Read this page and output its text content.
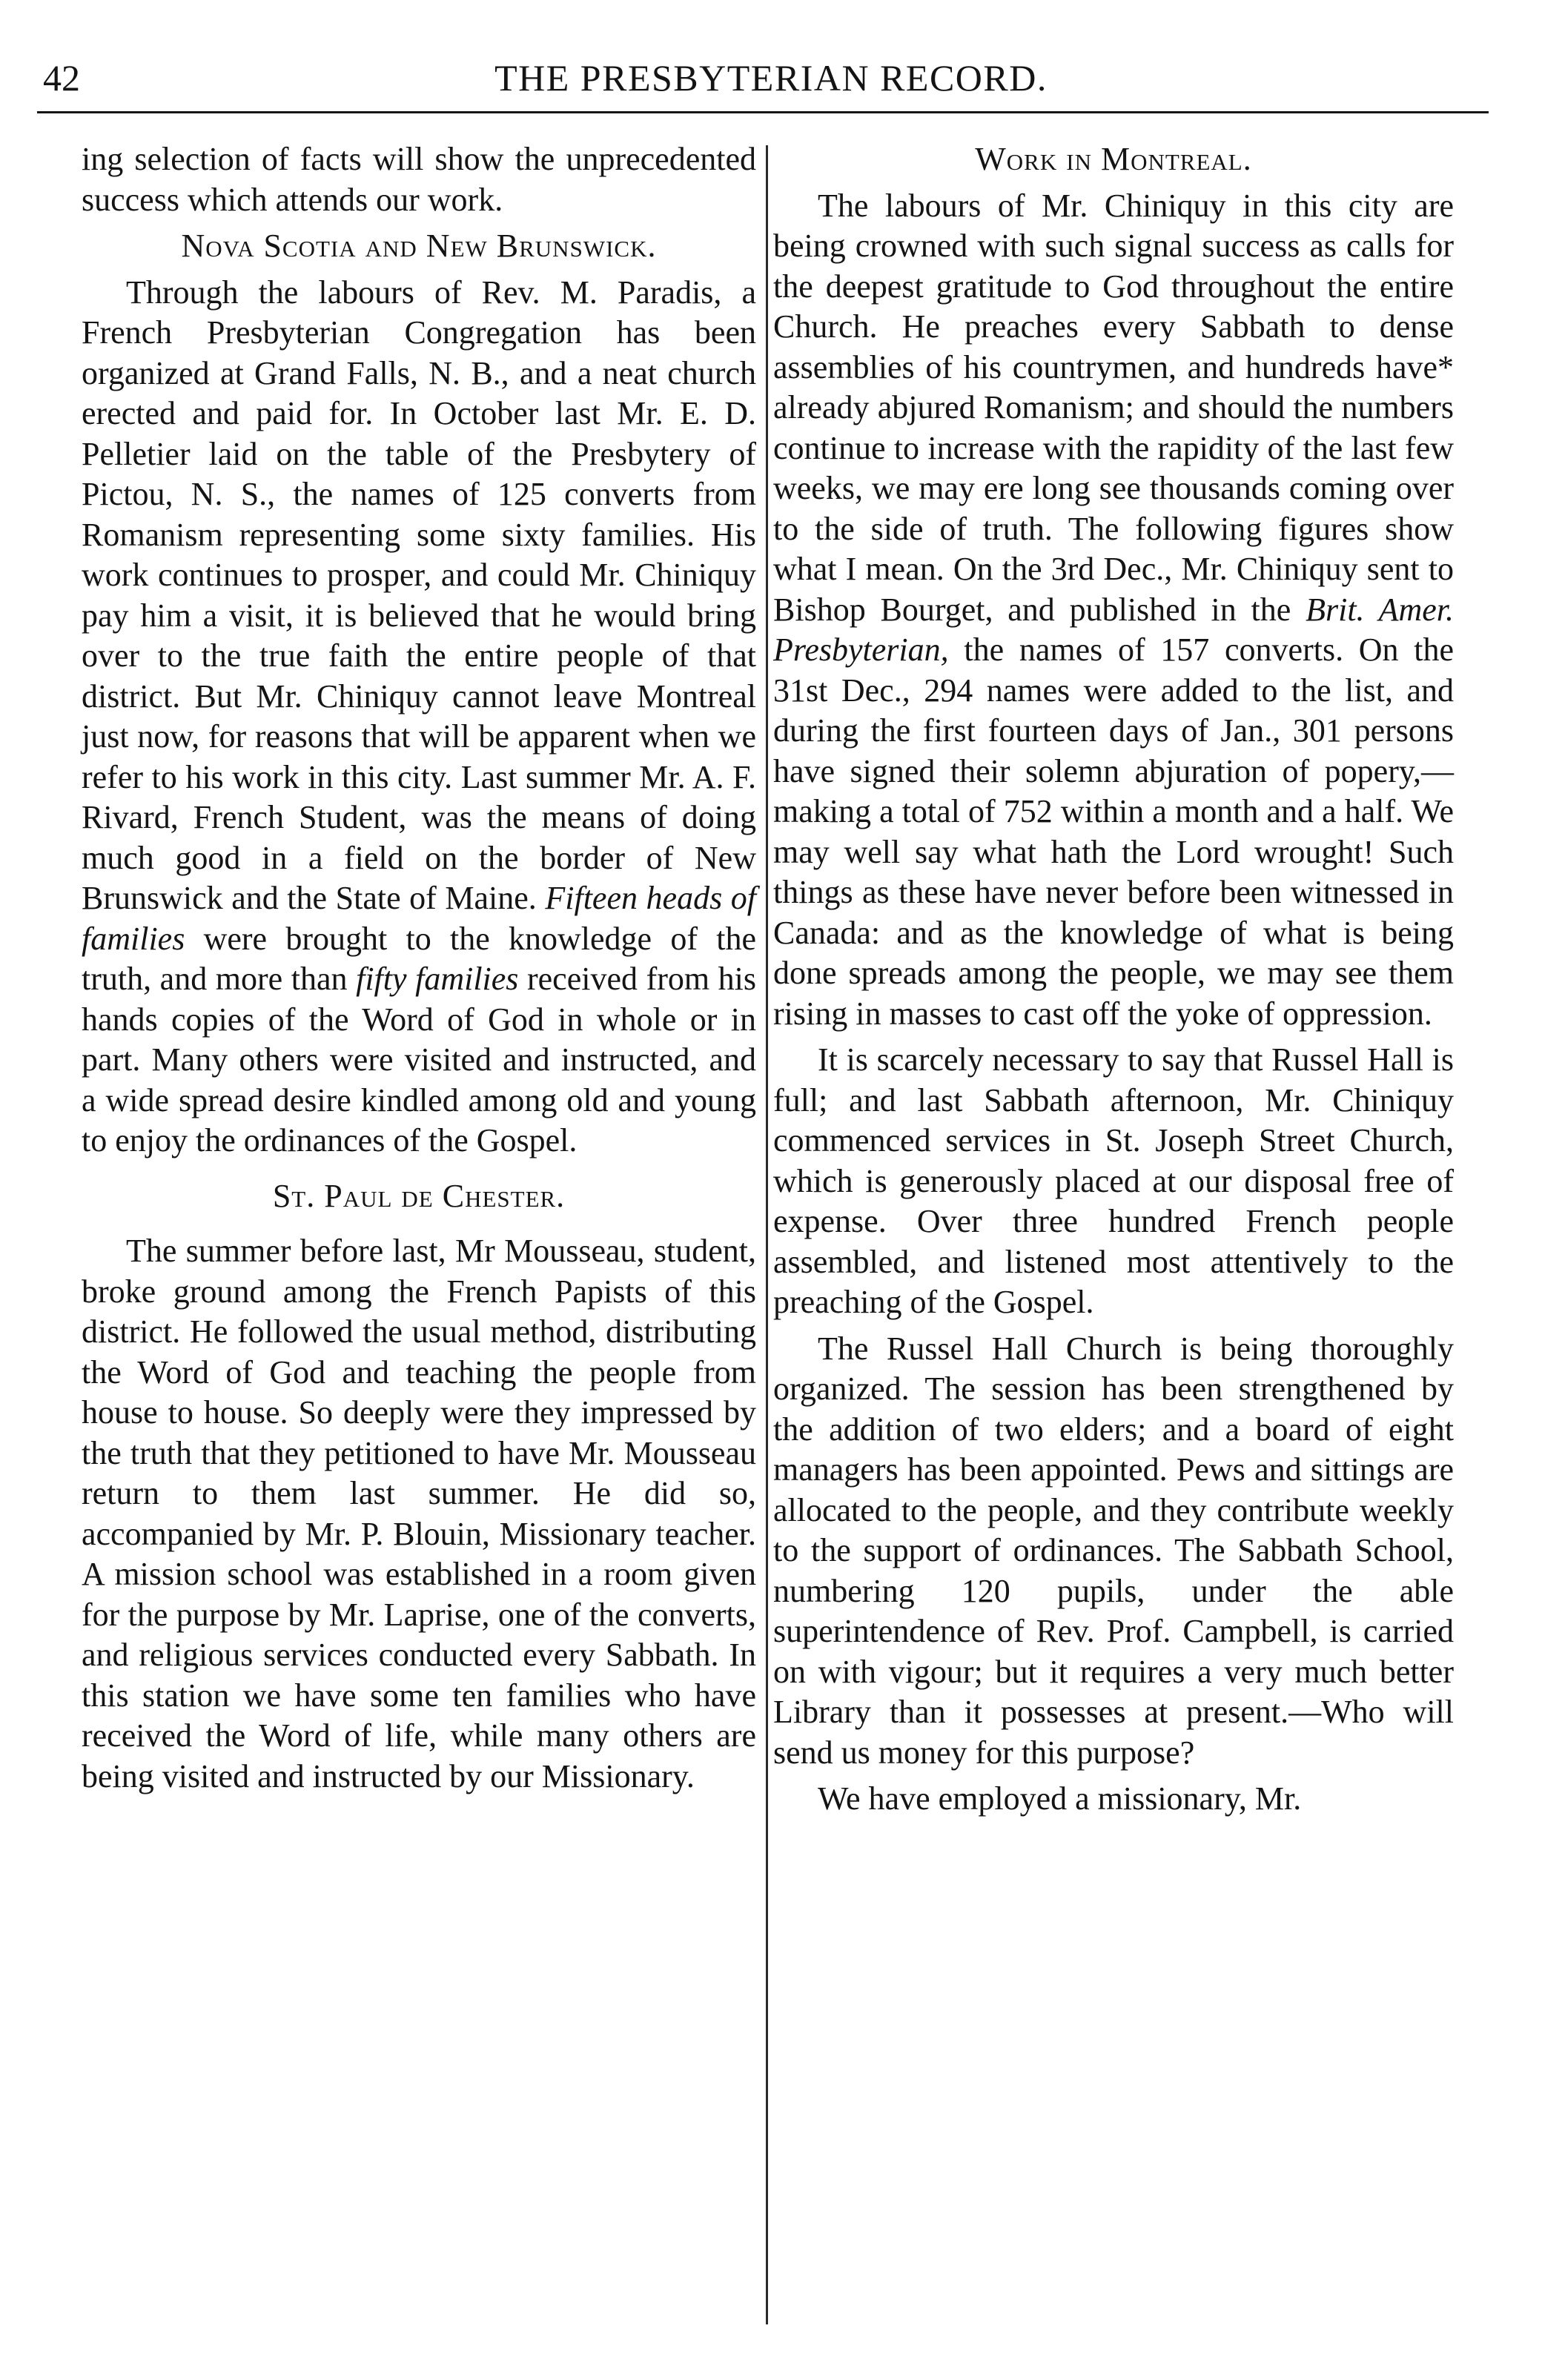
42	THE PRESBYTERIAN RECORD.

ing selection of facts will show the unprecedented success which attends our work.

Nova Scotia and New Brunswick.

Through the labours of Rev. M. Paradis, a French Presbyterian Congregation has been organized at Grand Falls, N. B., and a neat church erected and paid for. In October last Mr. E. D. Pelletier laid on the table of the Presbytery of Pictou, N. S., the names of 125 converts from Romanism representing some sixty families. His work continues to prosper, and could Mr. Chiniquy pay him a visit, it is believed that he would bring over to the true faith the entire people of that district. But Mr. Chiniquy cannot leave Montreal just now, for reasons that will be apparent when we refer to his work in this city. Last summer Mr. A. F. Rivard, French Student, was the means of doing much good in a field on the border of New Brunswick and the State of Maine. Fifteen heads of families were brought to the knowledge of the truth, and more than fifty families received from his hands copies of the Word of God in whole or in part. Many others were visited and instructed, and a wide spread desire kindled among old and young to enjoy the ordinances of the Gospel.

St. Paul de Chester.

The summer before last, Mr Mousseau, student, broke ground among the French Papists of this district. He followed the usual method, distributing the Word of God and teaching the people from house to house. So deeply were they impressed by the truth that they petitioned to have Mr. Mousseau return to them last summer. He did so, accompanied by Mr. P. Blouin, Missionary teacher. A mission school was established in a room given for the purpose by Mr. Laprise, one of the converts, and religious services conducted every Sabbath. In this station we have some ten families who have received the Word of life, while many others are being visited and instructed by our Missionary.

Work in Montreal.

The labours of Mr. Chiniquy in this city are being crowned with such signal success as calls for the deepest gratitude to God throughout the entire Church. He preaches every Sabbath to dense assemblies of his countrymen, and hundreds have* already abjured Romanism; and should the numbers continue to increase with the rapidity of the last few weeks, we may ere long see thousands coming over to the side of truth. The following figures show what I mean. On the 3rd Dec., Mr. Chiniquy sent to Bishop Bourget, and published in the Brit. Amer. Presbyterian, the names of 157 converts. On the 31st Dec., 294 names were added to the list, and during the first fourteen days of Jan., 301 persons have signed their solemn abjuration of popery,—making a total of 752 within a month and a half. We may well say what hath the Lord wrought! Such things as these have never before been witnessed in Canada: and as the knowledge of what is being done spreads among the people, we may see them rising in masses to cast off the yoke of oppression.

It is scarcely necessary to say that Russel Hall is full; and last Sabbath afternoon, Mr. Chiniquy commenced services in St. Joseph Street Church, which is generously placed at our disposal free of expense. Over three hundred French people assembled, and listened most attentively to the preaching of the Gospel.

The Russel Hall Church is being thoroughly organized. The session has been strengthened by the addition of two elders; and a board of eight managers has been appointed. Pews and sittings are allocated to the people, and they contribute weekly to the support of ordinances. The Sabbath School, numbering 120 pupils, under the able superintendence of Rev. Prof. Campbell, is carried on with vigour; but it requires a very much better Library than it possesses at present.—Who will send us money for this purpose?

We have employed a missionary, Mr.
